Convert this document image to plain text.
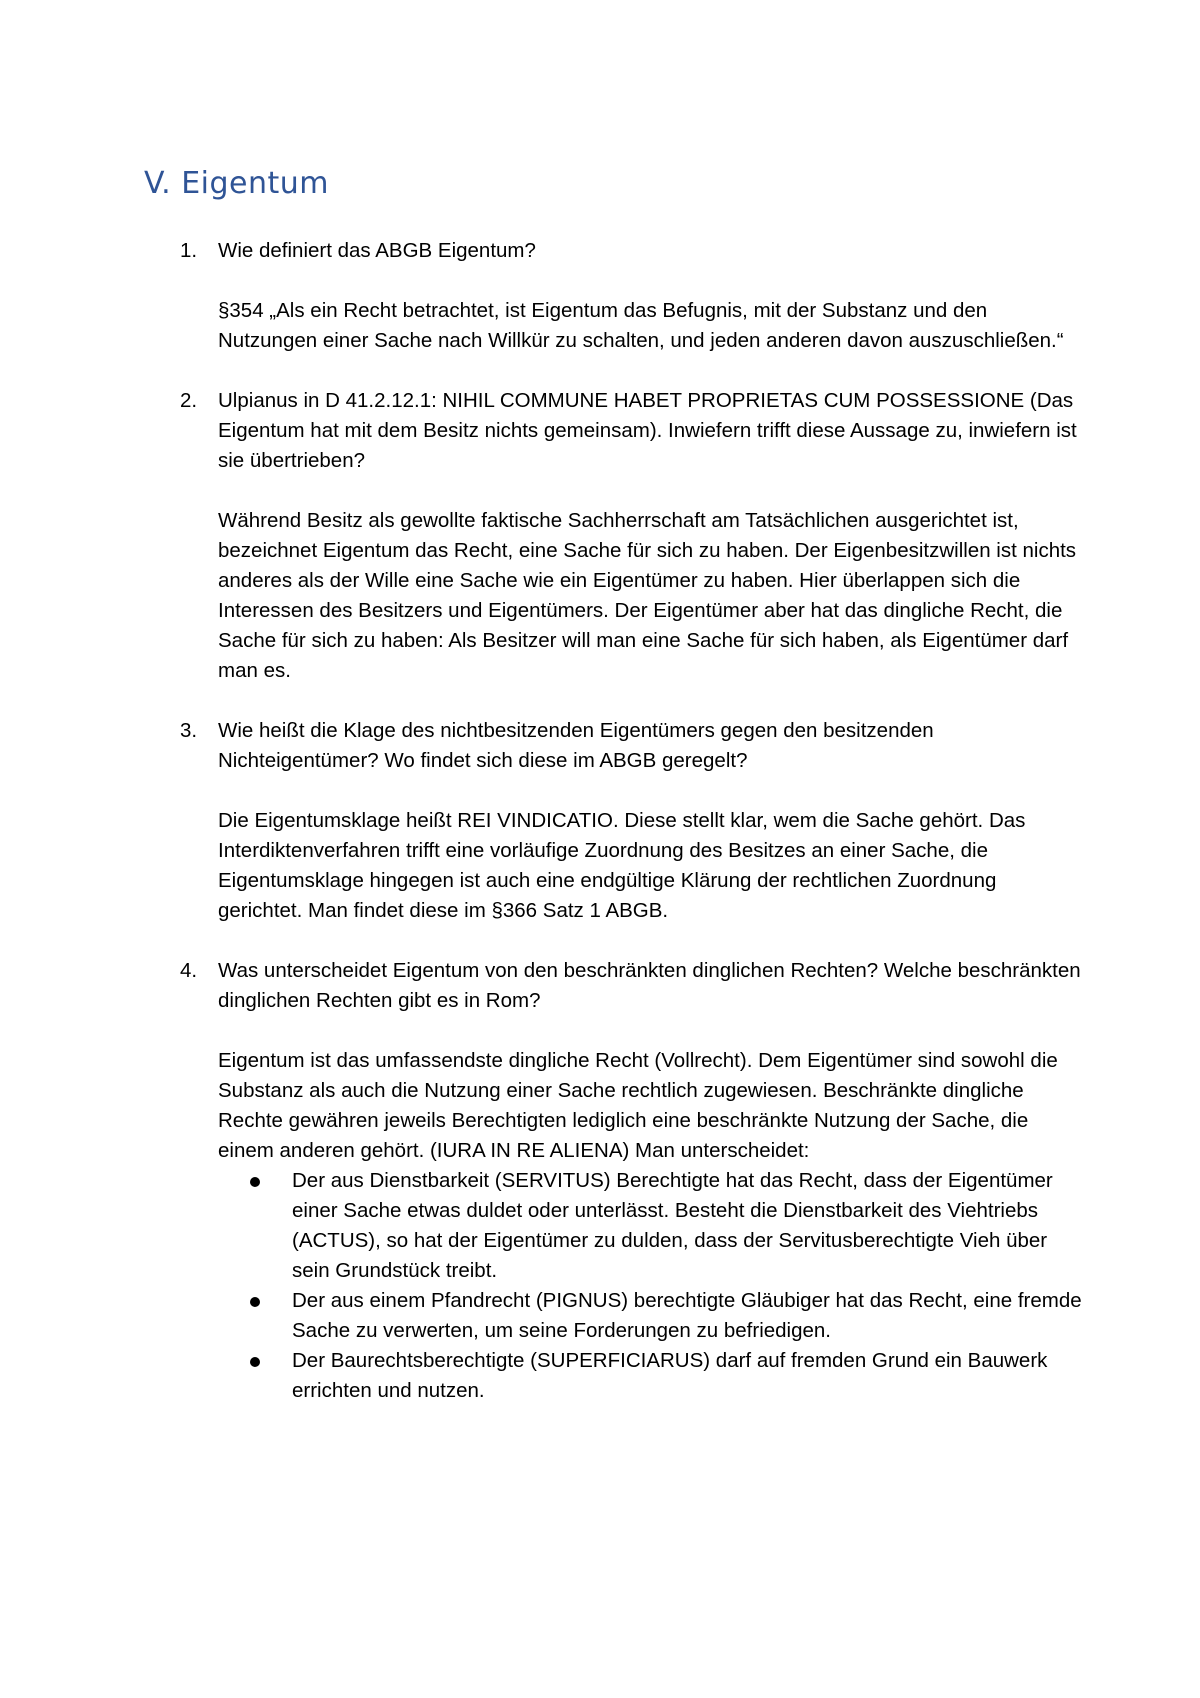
V. Eigentum
1. Wie definiert das ABGB Eigentum?

§354 „Als ein Recht betrachtet, ist Eigentum das Befugnis, mit der Substanz und den Nutzungen einer Sache nach Willkür zu schalten, und jeden anderen davon auszuschließen.“

2. Ulpianus in D 41.2.12.1: NIHIL COMMUNE HABET PROPRIETAS CUM POSSESSIONE (Das Eigentum hat mit dem Besitz nichts gemeinsam). Inwiefern trifft diese Aussage zu, inwiefern ist sie übertrieben?

Während Besitz als gewollte faktische Sachherrschaft am Tatsächlichen ausgerichtet ist, bezeichnet Eigentum das Recht, eine Sache für sich zu haben. Der Eigenbesitzwillen ist nichts anderes als der Wille eine Sache wie ein Eigentümer zu haben. Hier überlappen sich die Interessen des Besitzers und Eigentümers. Der Eigentümer aber hat das dingliche Recht, die Sache für sich zu haben: Als Besitzer will man eine Sache für sich haben, als Eigentümer darf man es.

3. Wie heißt die Klage des nichtbesitzenden Eigentümers gegen den besitzenden Nichteigentümer? Wo findet sich diese im ABGB geregelt?

Die Eigentumsklage heißt REI VINDICATIO. Diese stellt klar, wem die Sache gehört. Das Interdiktenverfahren trifft eine vorläufige Zuordnung des Besitzes an einer Sache, die Eigentumsklage hingegen ist auch eine endgültige Klärung der rechtlichen Zuordnung gerichtet. Man findet diese im §366 Satz 1 ABGB.

4. Was unterscheidet Eigentum von den beschränkten dinglichen Rechten? Welche beschränkten dinglichen Rechten gibt es in Rom?

Eigentum ist das umfassendste dingliche Recht (Vollrecht). Dem Eigentümer sind sowohl die Substanz als auch die Nutzung einer Sache rechtlich zugewiesen. Beschränkte dingliche Rechte gewähren jeweils Berechtigten lediglich eine beschränkte Nutzung der Sache, die einem anderen gehört. (IURA IN RE ALIENA) Man unterscheidet:

Der aus Dienstbarkeit (SERVITUS) Berechtigte hat das Recht, dass der Eigentümer einer Sache etwas duldet oder unterlässt. Besteht die Dienstbarkeit des Viehtriebs (ACTUS), so hat der Eigentümer zu dulden, dass der Servitusberechtigte Vieh über sein Grundstück treibt.
Der aus einem Pfandrecht (PIGNUS) berechtigte Gläubiger hat das Recht, eine fremde Sache zu verwerten, um seine Forderungen zu befriedigen.
Der Baurechtsberechtigte (SUPERFICIARUS) darf auf fremden Grund ein Bauwerk errichten und nutzen.
